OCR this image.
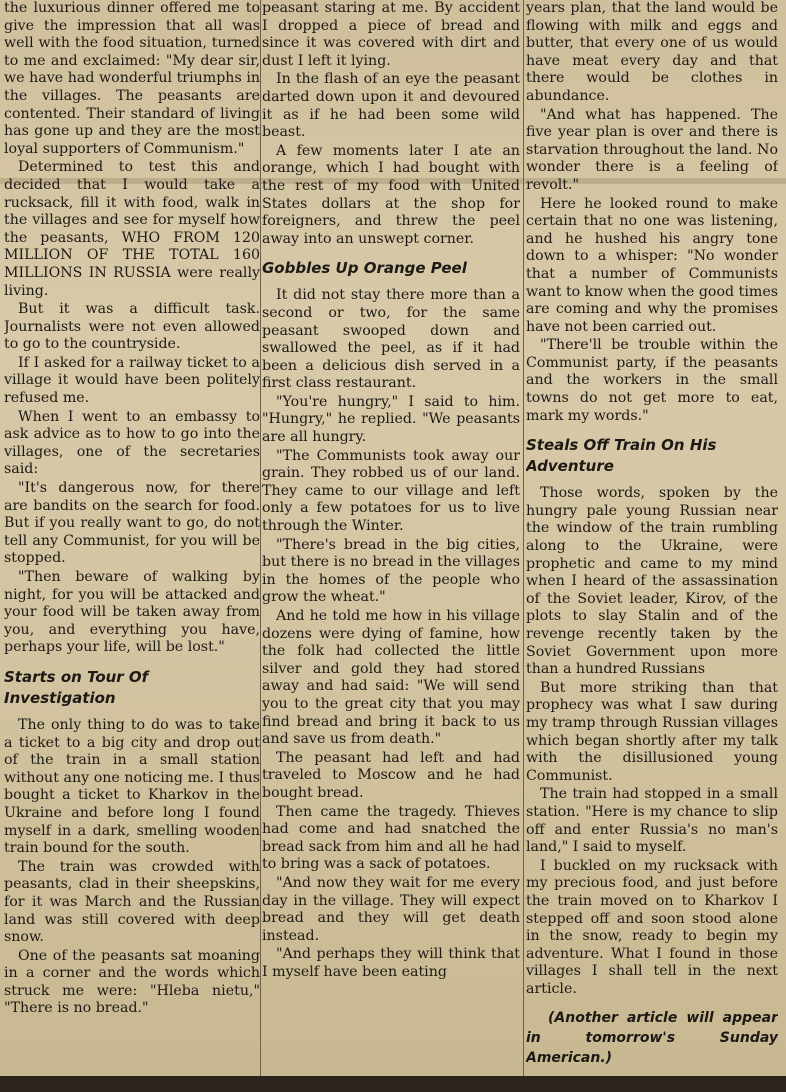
the luxurious dinner offered me to give the impression that all was well with the food situation, turned to me and exclaimed: "My dear sir, we have had wonderful triumphs in the villages. The peasants are contented. Their standard of living has gone up and they are the most loyal supporters of Communism."

Determined to test this and decided that I would take a rucksack, fill it with food, walk in the villages and see for myself how the peasants, WHO FROM 120 MILLION OF THE TOTAL 160 MILLIONS IN RUSSIA were really living.

But it was a difficult task. Journalists were not even allowed to go to the countryside.

If I asked for a railway ticket to a village it would have been politely refused me.

When I went to an embassy to ask advice as to how to go into the villages, one of the secretaries said:

"It's dangerous now, for there are bandits on the search for food. But if you really want to go, do not tell any Communist, for you will be stopped.

"Then beware of walking by night, for you will be attacked and your food will be taken away from you, and everything you have, perhaps your life, will be lost."

Starts on Tour Of Investigation

The only thing to do was to take a ticket to a big city and drop out of the train in a small station without any one noticing me. I thus bought a ticket to Kharkov in the Ukraine and before long I found myself in a dark, smelling wooden train bound for the south.

The train was crowded with peasants, clad in their sheepskins, for it was March and the Russian land was still covered with deep snow.

One of the peasants sat moaning in a corner and the words which struck me were: "Hleba nietu," "There is no bread."

peasant staring at me. By accident I dropped a piece of bread and since it was covered with dirt and dust I left it lying.

In the flash of an eye the peasant darted down upon it and devoured it as if he had been some wild beast.

A few moments later I ate an orange, which I had bought with the rest of my food with United States dollars at the shop for foreigners, and threw the peel away into an unswept corner.

Gobbles Up Orange Peel

It did not stay there more than a second or two, for the same peasant swooped down and swallowed the peel, as if it had been a delicious dish served in a first class restaurant.

"You're hungry," I said to him. "Hungry," he replied. "We peasants are all hungry.

"The Communists took away our grain. They robbed us of our land. They came to our village and left only a few potatoes for us to live through the Winter.

"There's bread in the big cities, but there is no bread in the villages in the homes of the people who grow the wheat."

And he told me how in his village dozens were dying of famine, how the folk had collected the little silver and gold they had stored away and had said: "We will send you to the great city that you may find bread and bring it back to us and save us from death."

The peasant had left and had traveled to Moscow and he had bought bread.

Then came the tragedy. Thieves had come and had snatched the bread sack from him and all he had to bring was a sack of potatoes.

"And now they wait for me every day in the village. They will expect bread and they will get death instead.

"And perhaps they will think that I myself have been eating

years plan, that the land would be flowing with milk and eggs and butter, that every one of us would have meat every day and that there would be clothes in abundance.

"And what has happened. The five year plan is over and there is starvation throughout the land. No wonder there is a feeling of revolt."

Here he looked round to make certain that no one was listening, and he hushed his angry tone down to a whisper: "No wonder that a number of Communists want to know when the good times are coming and why the promises have not been carried out.

"There'll be trouble within the Communist party, if the peasants and the workers in the small towns do not get more to eat, mark my words."

Steals Off Train On His Adventure

Those words, spoken by the hungry pale young Russian near the window of the train rumbling along to the Ukraine, were prophetic and came to my mind when I heard of the assassination of the Soviet leader, Kirov, of the plots to slay Stalin and of the revenge recently taken by the Soviet Government upon more than a hundred Russians

But more striking than that prophecy was what I saw during my tramp through Russian villages which began shortly after my talk with the disillusioned young Communist.

The train had stopped in a small station. "Here is my chance to slip off and enter Russia's no man's land," I said to myself.

I buckled on my rucksack with my precious food, and just before the train moved on to Kharkov I stepped off and soon stood alone in the snow, ready to begin my adventure. What I found in those villages I shall tell in the next article.

(Another article will appear in tomorrow's Sunday American.)
